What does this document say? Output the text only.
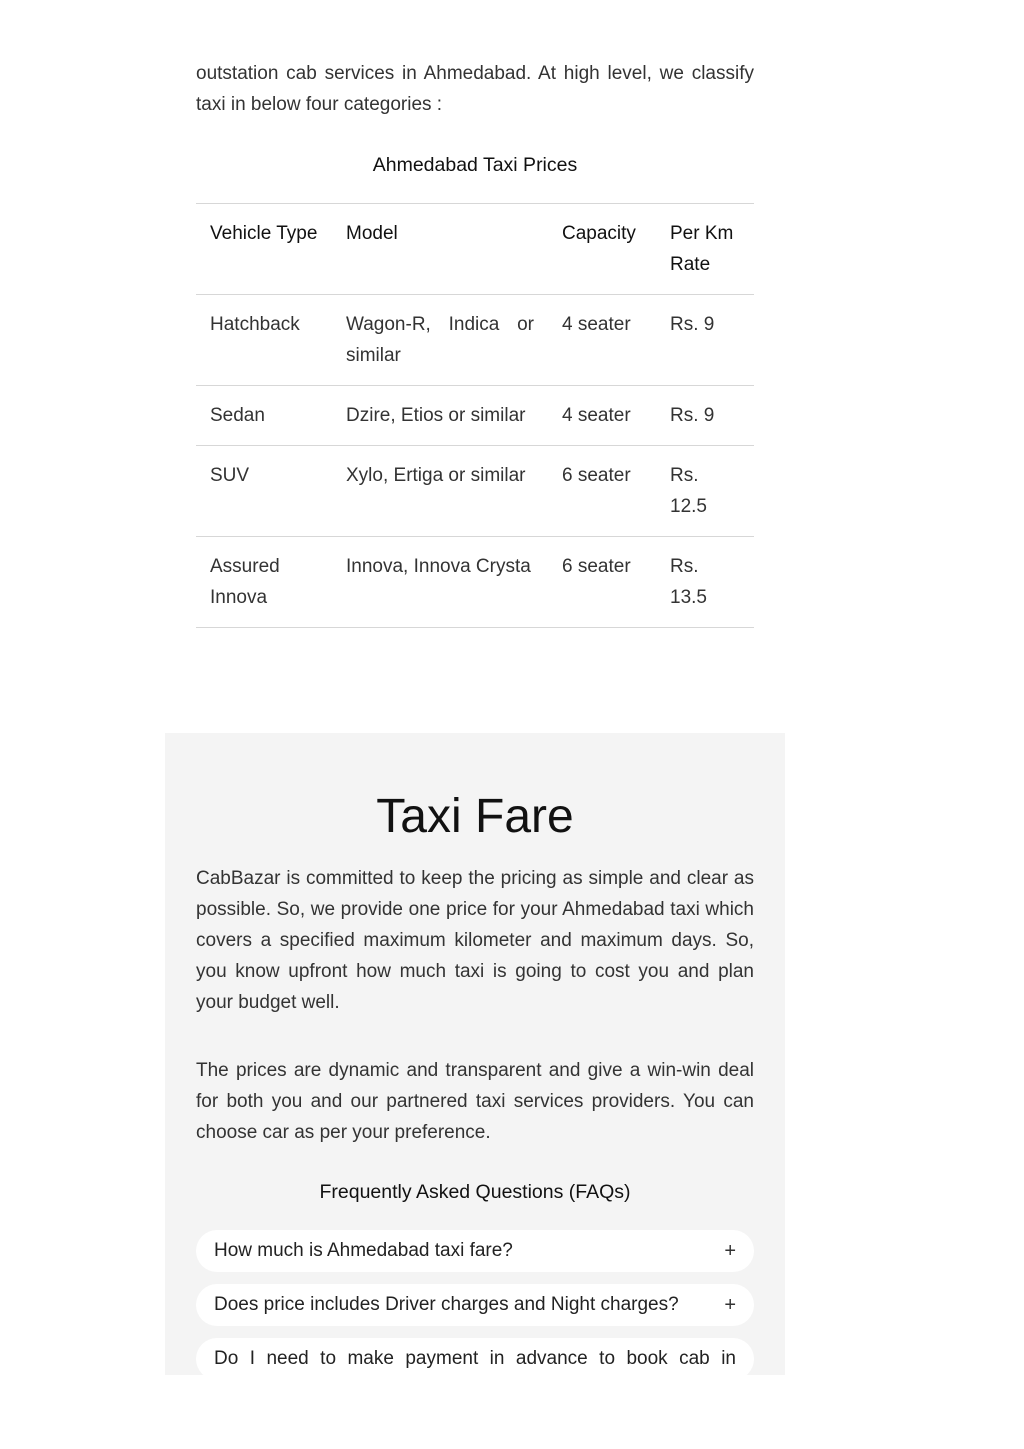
outstation cab services in Ahmedabad. At high level, we classify taxi in below four categories :

Ahmedabad Taxi Prices
Vehicle Type	Model	Capacity	Per Km Rate
Hatchback	Wagon-R, Indica or similar	4 seater	Rs. 9
Sedan	Dzire, Etios or similar	4 seater	Rs. 9
SUV	Xylo, Ertiga or similar	6 seater	Rs. 12.5
Assured Innova	Innova, Innova Crysta	6 seater	Rs. 13.5
Taxi Fare

CabBazar is committed to keep the pricing as simple and clear as possible. So, we provide one price for your Ahmedabad taxi which covers a specified maximum kilometer and maximum days. So, you know upfront how much taxi is going to cost you and plan your budget well.

The prices are dynamic and transparent and give a win-win deal for both you and our partnered taxi services providers. You can choose car as per your preference.

Frequently Asked Questions (FAQs)
How much is Ahmedabad taxi fare?	+
Does price includes Driver charges and Night charges?	+
Do I need to make payment in advance to book cab in
